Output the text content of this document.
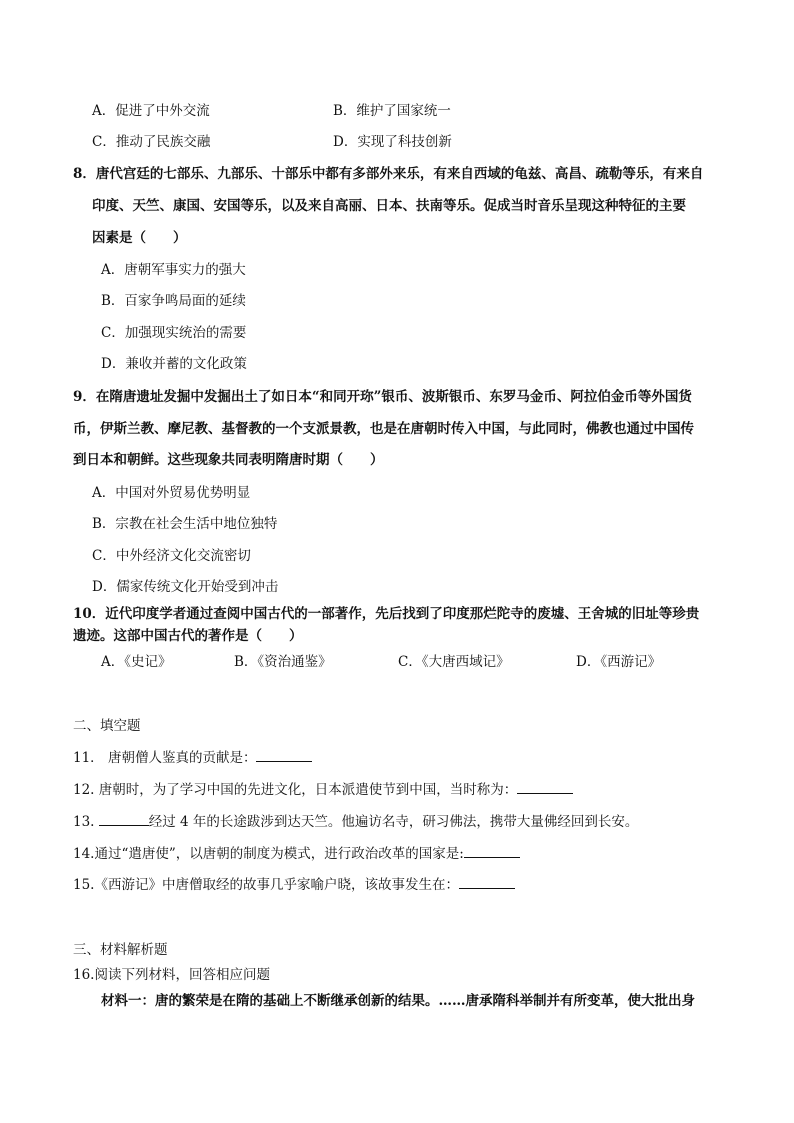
A．促进了中外交流	B．维护了国家统一
C．推动了民族交融	D．实现了科技创新
8．唐代宫廷的七部乐、九部乐、十部乐中都有多部外来乐，有来自西域的龟兹、高昌、疏勒等乐，有来自
印度、天竺、康国、安国等乐，以及来自高丽、日本、扶南等乐。促成当时音乐呈现这种特征的主要
因素是（　　）
A．唐朝军事实力的强大
B．百家争鸣局面的延续
C．加强现实统治的需要
D．兼收并蓄的文化政策
9．在隋唐遗址发掘中发掘出土了如日本“和同开珎”银币、波斯银币、东罗马金币、阿拉伯金币等外国货
币，伊斯兰教、摩尼教、基督教的一个支派景教，也是在唐朝时传入中国，与此同时，佛教也通过中国传
到日本和朝鲜。这些现象共同表明隋唐时期（　　）
A．中国对外贸易优势明显
B．宗教在社会生活中地位独特
C．中外经济文化交流密切
D．儒家传统文化开始受到冲击
10．近代印度学者通过查阅中国古代的一部著作，先后找到了印度那烂陀寺的废墟、王舍城的旧址等珍贵
遗迹。这部中国古代的著作是（　　）
A．《史记》	B．《资治通鉴》	C．《大唐西域记》	D．《西游记》
二、填空题
11． 唐朝僧人鉴真的贡献是：
12. 唐朝时，为了学习中国的先进文化，日本派遣使节到中国，当时称为：
13.	经过 4 年的长途跋涉到达天竺。他遍访名寺，研习佛法，携带大量佛经回到长安。
14.通过“遣唐使”，以唐朝的制度为模式，进行政治改革的国家是:
15.《西游记》中唐僧取经的故事几乎家喻户晓，该故事发生在：
三、材料解析题
16.阅读下列材料，回答相应问题
材料一：唐的繁荣是在隋的基础上不断继承创新的结果。……唐承隋科举制并有所变革，使大批出身
